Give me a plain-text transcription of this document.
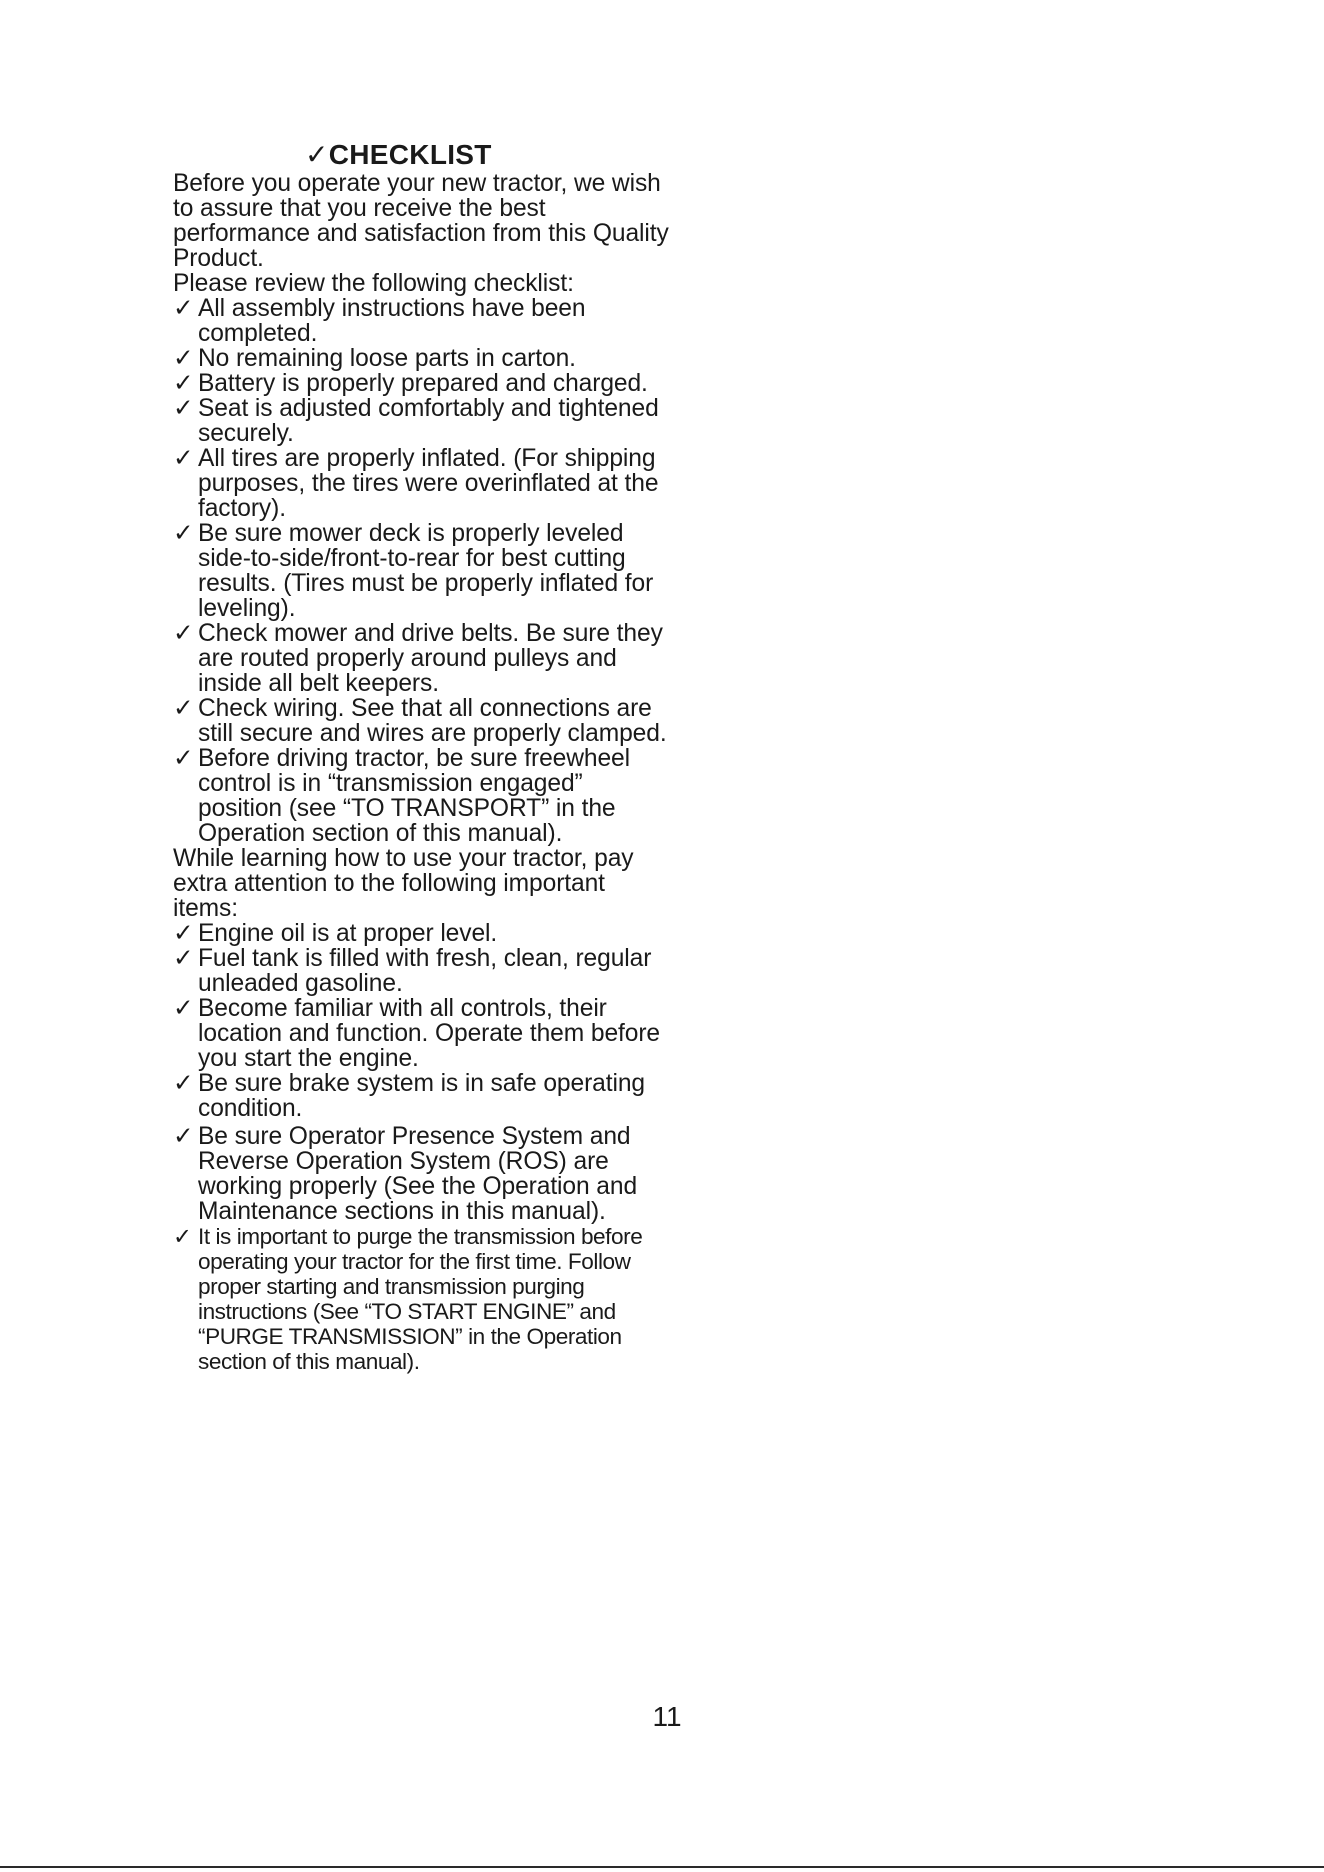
✓CHECKLIST

Before you operate your new tractor, we wish to assure that you receive the best performance and satisfaction from this Quality Product.

Please review the following checklist:

✓ All assembly instructions have been completed.
✓ No remaining loose parts in carton.
✓ Battery is properly prepared and charged.
✓ Seat is adjusted comfortably and tightened securely.
✓ All tires are properly inflated. (For shipping purposes, the tires were overinflated at the factory).
✓ Be sure mower deck is properly leveled side-to-side/front-to-rear for best cutting results. (Tires must be properly inflated for leveling).
✓ Check mower and drive belts. Be sure they are routed properly around pulleys and inside all belt keepers.
✓ Check wiring. See that all connections are still secure and wires are properly clamped.
✓ Before driving tractor, be sure freewheel control is in “transmission engaged” position (see “TO TRANSPORT” in the Operation section of this manual).

While learning how to use your tractor, pay extra attention to the following important items:

✓ Engine oil is at proper level.
✓ Fuel tank is filled with fresh, clean, regular unleaded gasoline.
✓ Become familiar with all controls, their location and function. Operate them before you start the engine.
✓ Be sure brake system is in safe operating condition.
✓ Be sure Operator Presence System and Reverse Operation System (ROS) are working properly (See the Operation and Maintenance sections in this manual).
✓ It is important to purge the transmission before operating your tractor for the first time. Follow proper starting and transmission purging instructions (See “TO START ENGINE” and “PURGE TRANSMISSION” in the Operation section of this manual).
11
